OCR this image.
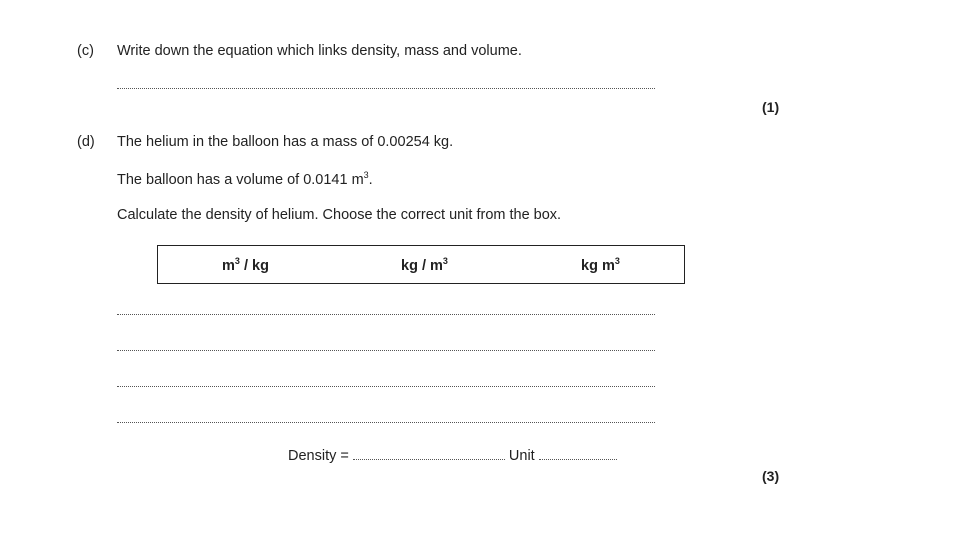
(c) Write down the equation which links density, mass and volume.
(1)
(d) The helium in the balloon has a mass of 0.00254 kg.
The balloon has a volume of 0.0141 $m^3$.
Calculate the density of helium. Choose the correct unit from the box.
$m^3$ / kg	kg / $m^3$	kg $m^3$
Density =	Unit
(3)
